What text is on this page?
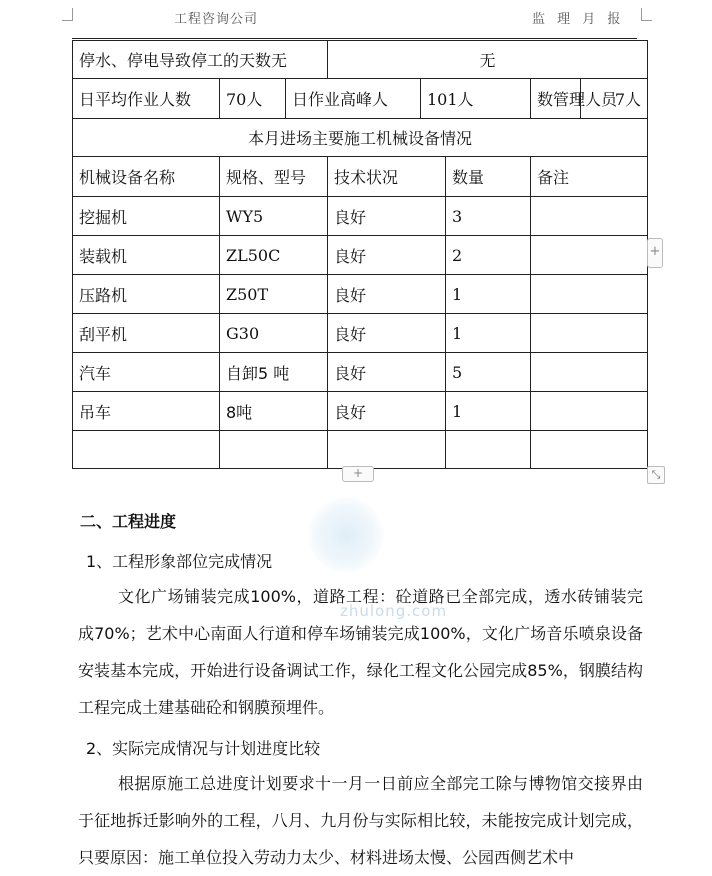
工程咨询公司	监 理 月 报
停水、停电导致停工的天数无			无				
日平均作业人数	70人	日作业高峰人		101人		数管理人员	7人
本月进场主要施工机械设备情况							
机械设备名称	规格、型号		技术状况		数量	备注	
挖掘机	WY5		良好		3		
装载机	ZL50C		良好		2		
压路机	Z50T		良好		1		
刮平机	G30		良好		1		
汽车	自卸5 吨		良好		5		
吊车	8吨		良好		1		

+
+	⤡
zhulong.com
二、工程进度
1、工程形象部位完成情况
文化广场铺装完成100%，道路工程：砼道路已全部完成，透水砖铺装完成70%；艺术中心南面人行道和停车场铺装完成100%，文化广场音乐喷泉设备安装基本完成，开始进行设备调试工作，绿化工程文化公园完成85%，钢膜结构工程完成土建基础砼和钢膜预埋件。
2、实际完成情况与计划进度比较
根据原施工总进度计划要求十一月一日前应全部完工除与博物馆交接界由于征地拆迁影响外的工程，八月、九月份与实际相比较，未能按完成计划完成，只要原因：施工单位投入劳动力太少、材料进场太慢、公园西侧艺术中
